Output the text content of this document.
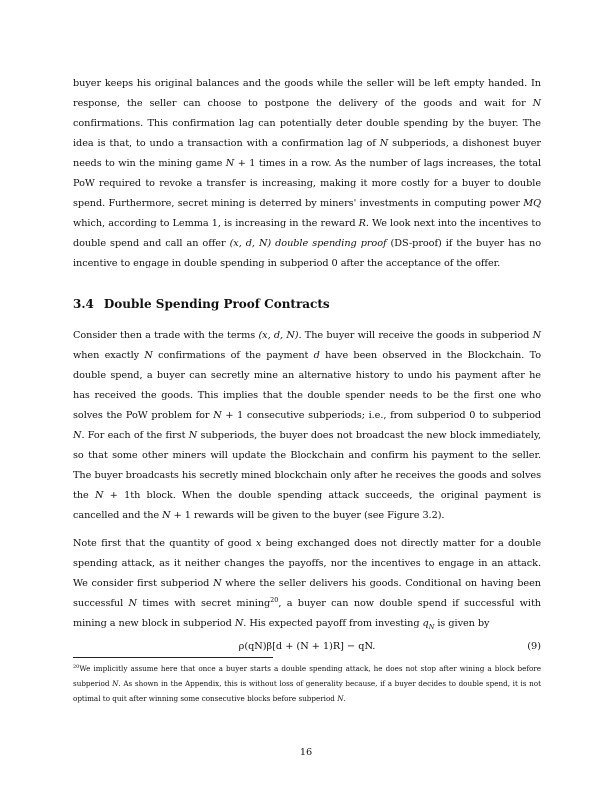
buyer keeps his original balances and the goods while the seller will be left empty handed. In response, the seller can choose to postpone the delivery of the goods and wait for N confirmations. This confirmation lag can potentially deter double spending by the buyer. The idea is that, to undo a transaction with a confirmation lag of N subperiods, a dishonest buyer needs to win the mining game N + 1 times in a row. As the number of lags increases, the total PoW required to revoke a transfer is increasing, making it more costly for a buyer to double spend. Furthermore, secret mining is deterred by miners' investments in computing power MQ which, according to Lemma 1, is increasing in the reward R. We look next into the incentives to double spend and call an offer (x, d, N) double spending proof (DS-proof) if the buyer has no incentive to engage in double spending in subperiod 0 after the acceptance of the offer.

3.4 Double Spending Proof Contracts

Consider then a trade with the terms (x, d, N). The buyer will receive the goods in subperiod N when exactly N confirmations of the payment d have been observed in the Blockchain. To double spend, a buyer can secretly mine an alternative history to undo his payment after he has received the goods. This implies that the double spender needs to be the first one who solves the PoW problem for N + 1 consecutive subperiods; i.e., from subperiod 0 to subperiod N. For each of the first N subperiods, the buyer does not broadcast the new block immediately, so that some other miners will update the Blockchain and confirm his payment to the seller. The buyer broadcasts his secretly mined blockchain only after he receives the goods and solves the N + 1th block. When the double spending attack succeeds, the original payment is cancelled and the N + 1 rewards will be given to the buyer (see Figure 3.2).

Note first that the quantity of good x being exchanged does not directly matter for a double spending attack, as it neither changes the payoffs, nor the incentives to engage in an attack. We consider first subperiod N where the seller delivers his goods. Conditional on having been successful N times with secret mining$^{20}$, a buyer can now double spend if successful with mining a new block in subperiod N. His expected payoff from investing $q_N$ is given by

ρ(qN)β[d + (N + 1)R] − qN.	(9)
$^{20}$We implicitly assume here that once a buyer starts a double spending attack, he does not stop after wining a block before subperiod N. As shown in the Appendix, this is without loss of generality because, if a buyer decides to double spend, it is not optimal to quit after winning some consecutive blocks before subperiod N.
16
